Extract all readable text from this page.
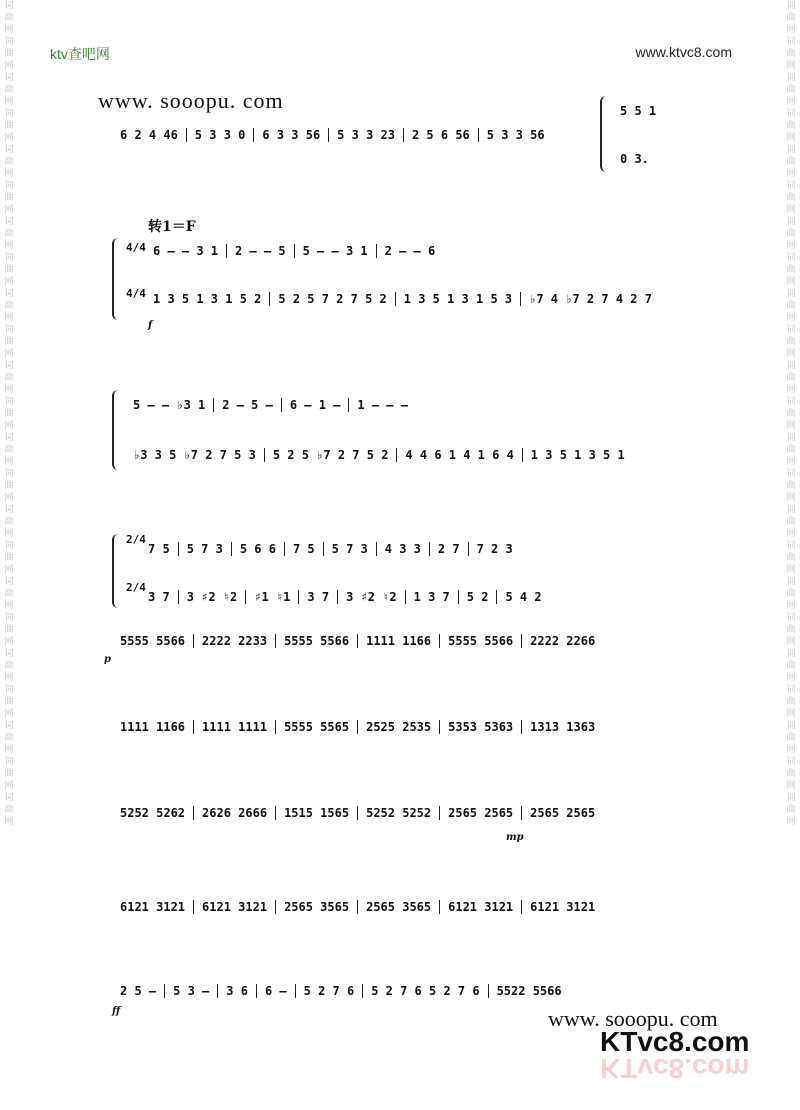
词曲网词曲网词曲网词曲网词曲网词曲网词曲网词曲网词曲网词曲网词曲网词曲网词曲网词曲网词曲网词曲网词曲网词曲网词曲网词曲网词曲网词曲网词曲网
词曲网词曲网词曲网词曲网词曲网词曲网词曲网词曲网词曲网词曲网词曲网词曲网词曲网词曲网词曲网词曲网词曲网词曲网词曲网词曲网词曲网词曲网词曲网
ktv查吧网	www.ktvc8.com
www. sooopu. com
6 2 4 46 5 3 3 0 6 3 3 56 5 3 3 23 2 5 6 56 5 3 3 56
5 5 1
0 3.
转1＝F
4/4
4/4
6 – – 3 1 2 – – 5 5 – – 3 1 2 – – 6
1 3 5 1 3 1 5 2 5 2 5 7 2 7 5 2 1 3 5 1 3 1 5 3 ♭7 4 ♭7 2 7 4 2 7
f
5 – – ♭3 1 2 – 5 – 6 – 1 – 1 – – –
♭3 3 5 ♭7 2 7 5 3 5 2 5 ♭7 2 7 5 2 4 4 6 1 4 1 6 4 1 3 5 1 3 5 1
2/4
2/4
7 5 5 7 3 5 6 6 7 5 5 7 3 4 3 3 2 7 7 2 3
3 7 3 ♯2 ♮2 ♯1 ♮1 3 7 3 ♯2 ♮2 1 3 7 5 2 5 4 2
5555 5566 2222 2233 5555 5566 1111 1166 5555 5566 2222 2266
p
1111 1166 1111 1111 5555 5565 2525 2535 5353 5363 1313 1363
5252 5262 2626 2666 1515 1565 5252 5252 2565 2565 2565 2565
mp
6121 3121 6121 3121 2565 3565 2565 3565 6121 3121 6121 3121
2 5 – 5 3 – 3 6 6 – 5 2 7 6 5 2 7 6 5 2 7 6 5522 5566
ff	www. sooopu. com
KTvc8.com
KTvc8.com
